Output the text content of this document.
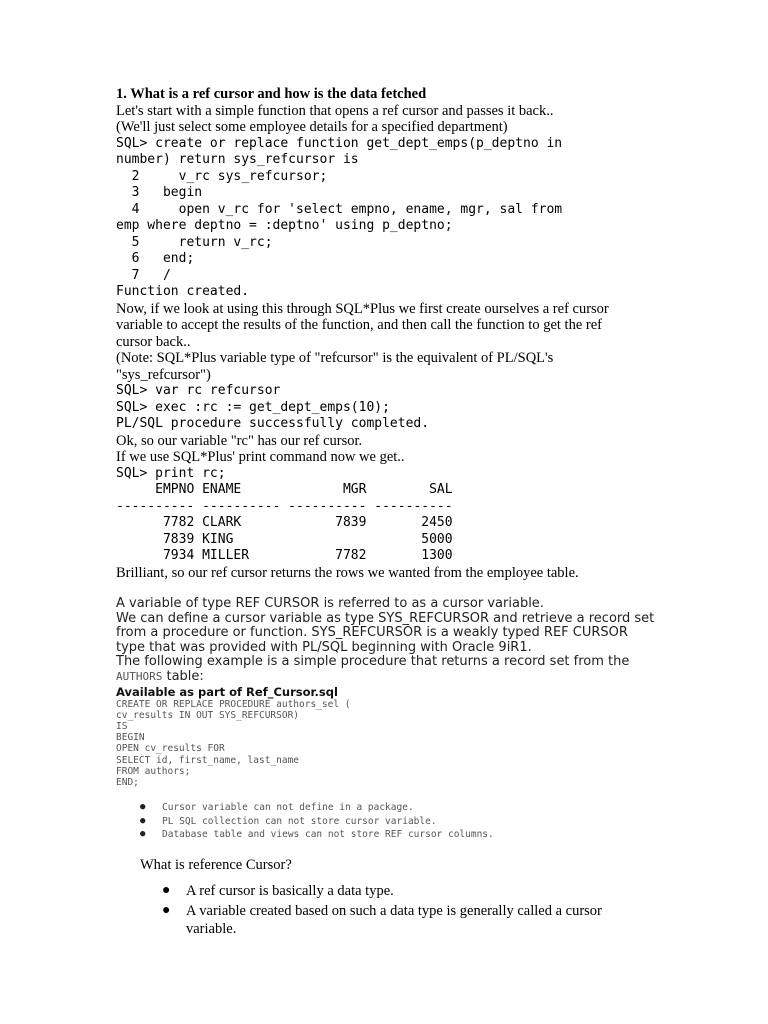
1. What is a ref cursor and how is the data fetched
Let's start with a simple function that opens a ref cursor and passes it back..
(We'll just select some employee details for a specified department)
SQL> create or replace function get_dept_emps(p_deptno in
number) return sys_refcursor is
2     v_rc sys_refcursor;
3   begin
4     open v_rc for 'select empno, ename, mgr, sal from
emp where deptno = :deptno' using p_deptno;
5     return v_rc;
6   end;
7   /
Function created.
Now, if we look at using this through SQL*Plus we first create ourselves a ref cursor
variable to accept the results of the function, and then call the function to get the ref
cursor back..
(Note: SQL*Plus variable type of "refcursor" is the equivalent of PL/SQL's
"sys_refcursor")
SQL> var rc refcursor
SQL> exec :rc := get_dept_emps(10);
PL/SQL procedure successfully completed.
Ok, so our variable "rc" has our ref cursor.
If we use SQL*Plus' print command now we get..
SQL> print rc;
EMPNO ENAME             MGR        SAL
---------- ---------- ---------- ----------
7782 CLARK            7839       2450
7839 KING                        5000
7934 MILLER           7782       1300
Brilliant, so our ref cursor returns the rows we wanted from the employee table.
A variable of type REF CURSOR is referred to as a cursor variable.
We can define a cursor variable as type SYS_REFCURSOR and retrieve a record set
from a procedure or function. SYS_REFCURSOR is a weakly typed REF CURSOR
type that was provided with PL/SQL beginning with Oracle 9iR1.
The following example is a simple procedure that returns a record set from the
AUTHORS table:
Available as part of Ref_Cursor.sql
CREATE OR REPLACE PROCEDURE authors_sel (
cv_results IN OUT SYS_REFCURSOR)
IS
BEGIN
OPEN cv_results FOR
SELECT id, first_name, last_name
FROM authors;
END;
● Cursor variable can not define in a package.
● PL SQL collection can not store cursor variable.
● Database table and views can not store REF cursor columns.
What is reference Cursor?
● A ref cursor is basically a data type.
● A variable created based on such a data type is generally called a cursor
variable.
